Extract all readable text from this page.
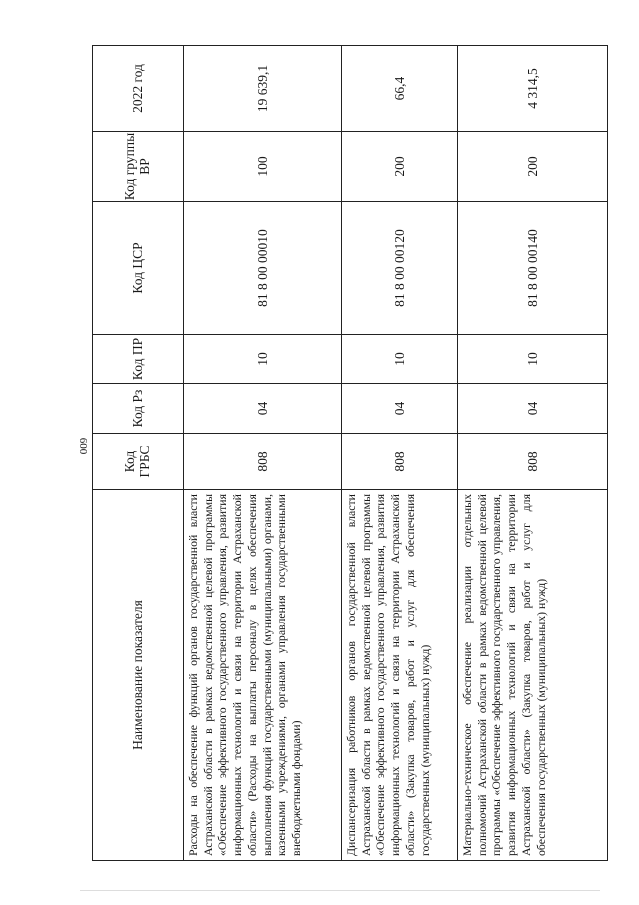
600
Наименование показателя	Код ГРБС	Код Рз	Код ПР	Код ЦСР	Код группы ВР	2022 год
Расходы на обеспечение функций органов государственной власти Астраханской области в рамках ведомственной целевой программы «Обеспечение эффективного государственного управления, развития информационных технологий и связи на территории Астраханской области» (Расходы на выплаты персоналу в целях обеспечения выполнения функций государственными (муниципальными) органами, казенными учреждениями, органами управления государственными внебюджетными фондами)	808	04	10	81 8 00 00010	100	19 639,1
Диспансеризация работников органов государственной власти Астраханской области в рамках ведомственной целевой программы «Обеспечение эффективного государственного управления, развития информационных технологий и связи на территории Астраханской области» (Закупка товаров, работ и услуг для обеспечения государственных (муниципальных) нужд)	808	04	10	81 8 00 00120	200	66,4
Материально-техническое обеспечение реализации отдельных полномочий Астраханской области в рамках ведомственной целевой программы «Обеспечение эффективного государственного управления, развития информационных технологий и связи на территории Астраханской области» (Закупка товаров, работ и услуг для обеспечения государственных (муниципальных) нужд)	808	04	10	81 8 00 00140	200	4 314,5
